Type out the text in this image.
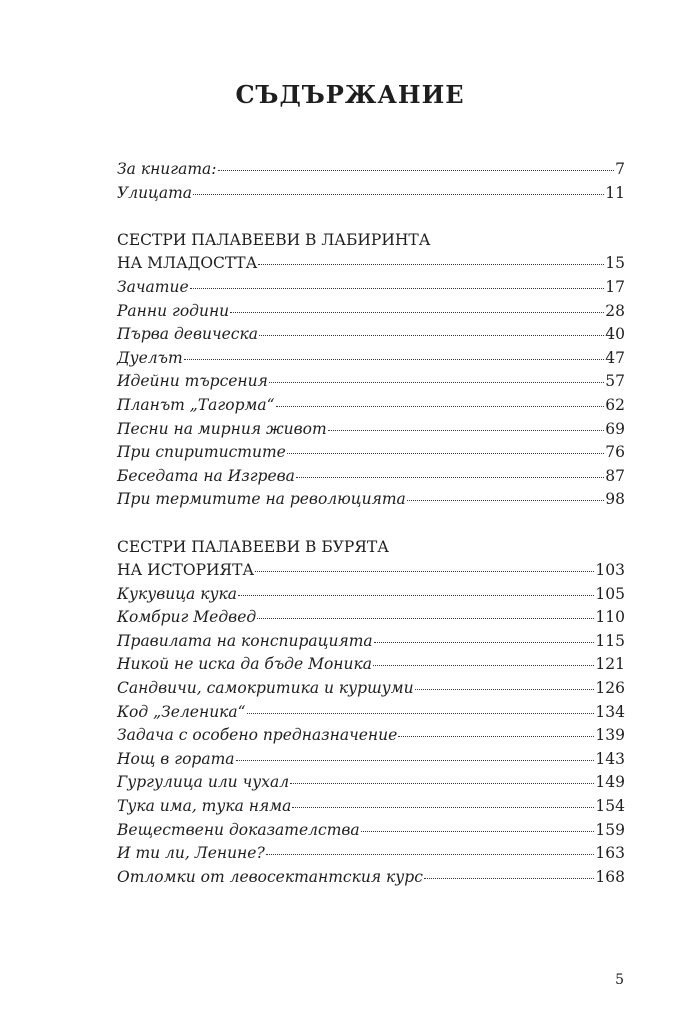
СЪДЪРЖАНИЕ
За книгата:	7
Улицата	11
СЕСТРИ ПАЛАВЕЕВИ В ЛАБИРИНТА
НА МЛАДОСТТА	15
Зачатие	17
Ранни години	28
Първа девическа	40
Дуелът	47
Идейни търсения	57
Планът „Тагорма“	62
Песни на мирния живот	69
При спиритистите	76
Беседата на Изгрева	87
При термитите на революцията	98
СЕСТРИ ПАЛАВЕЕВИ В БУРЯТА
НА ИСТОРИЯТА	103
Кукувица кука	105
Комбриг Медвед	110
Правилата на конспирацията	115
Никой не иска да бъде Моника	121
Сандвичи, самокритика и куршуми	126
Код „Зеленика“	134
Задача с особено предназначение	139
Нощ в гората	143
Гургулица или чухал	149
Тука има, тука няма	154
Веществени доказателства	159
И ти ли, Ленине?	163
Отломки от левосектантския курс	168
5
